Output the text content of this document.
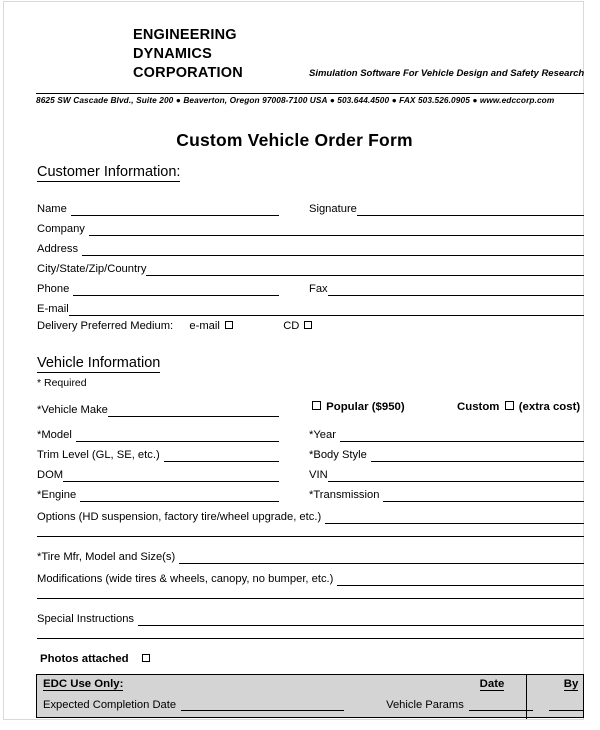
ENGINEERING
DYNAMICS
CORPORATION	Simulation Software For Vehicle Design and Safety Research
8625 SW Cascade Blvd., Suite 200 ● Beaverton, Oregon 97008-7100 USA ● 503.644.4500 ● FAX 503.526.0905 ● www.edccorp.com
Custom Vehicle Order Form
Customer Information:
Name	Signature
Company
Address
City/State/Zip/Country
Phone	Fax
E-mail
Delivery Preferred Medium: e-mail	CD
Vehicle Information
* Required
*Vehicle Make	Popular ($950)	Custom (extra cost)
*Model	*Year
Trim Level (GL, SE, etc.)	*Body Style
DOM	VIN
*Engine	*Transmission
Options (HD suspension, factory tire/wheel upgrade, etc.)
*Tire Mfr, Model and Size(s)
Modifications (wide tires & wheels, canopy, no bumper, etc.)
Special Instructions
Photos attached
EDC Use Only:	Date	By
Expected Completion Date	Vehicle Params
